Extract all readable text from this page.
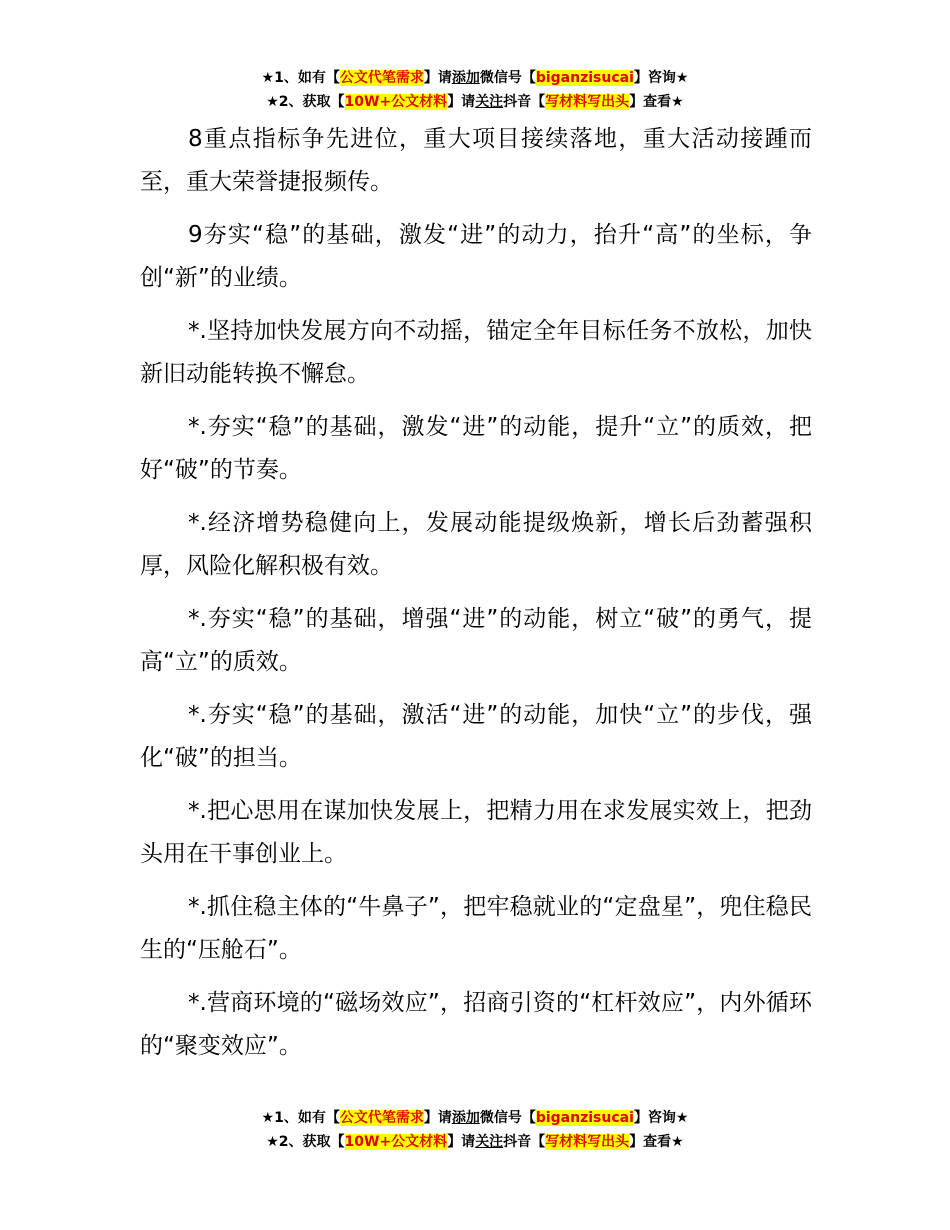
★1、如有【公文代笔需求】请添加微信号【biganzisucai】咨询★
★2、获取【10W+公文材料】请关注抖音【写材料写出头】查看★

8重点指标争先进位，重大项目接续落地，重大活动接踵而至，重大荣誉捷报频传。

9夯实“稳”的基础，激发“进”的动力，抬升“高”的坐标，争创“新”的业绩。

*.坚持加快发展方向不动摇，锚定全年目标任务不放松，加快新旧动能转换不懈怠。

*.夯实“稳”的基础，激发“进”的动能，提升“立”的质效，把好“破”的节奏。

*.经济增势稳健向上，发展动能提级焕新，增长后劲蓄强积厚，风险化解积极有效。

*.夯实“稳”的基础，增强“进”的动能，树立“破”的勇气，提高“立”的质效。

*.夯实“稳”的基础，激活“进”的动能，加快“立”的步伐，强化“破”的担当。

*.把心思用在谋加快发展上，把精力用在求发展实效上，把劲头用在干事创业上。

*.抓住稳主体的“牛鼻子”，把牢稳就业的“定盘星”，兜住稳民生的“压舱石”。

*.营商环境的“磁场效应”，招商引资的“杠杆效应”，内外循环的“聚变效应”。

★1、如有【公文代笔需求】请添加微信号【biganzisucai】咨询★
★2、获取【10W+公文材料】请关注抖音【写材料写出头】查看★
